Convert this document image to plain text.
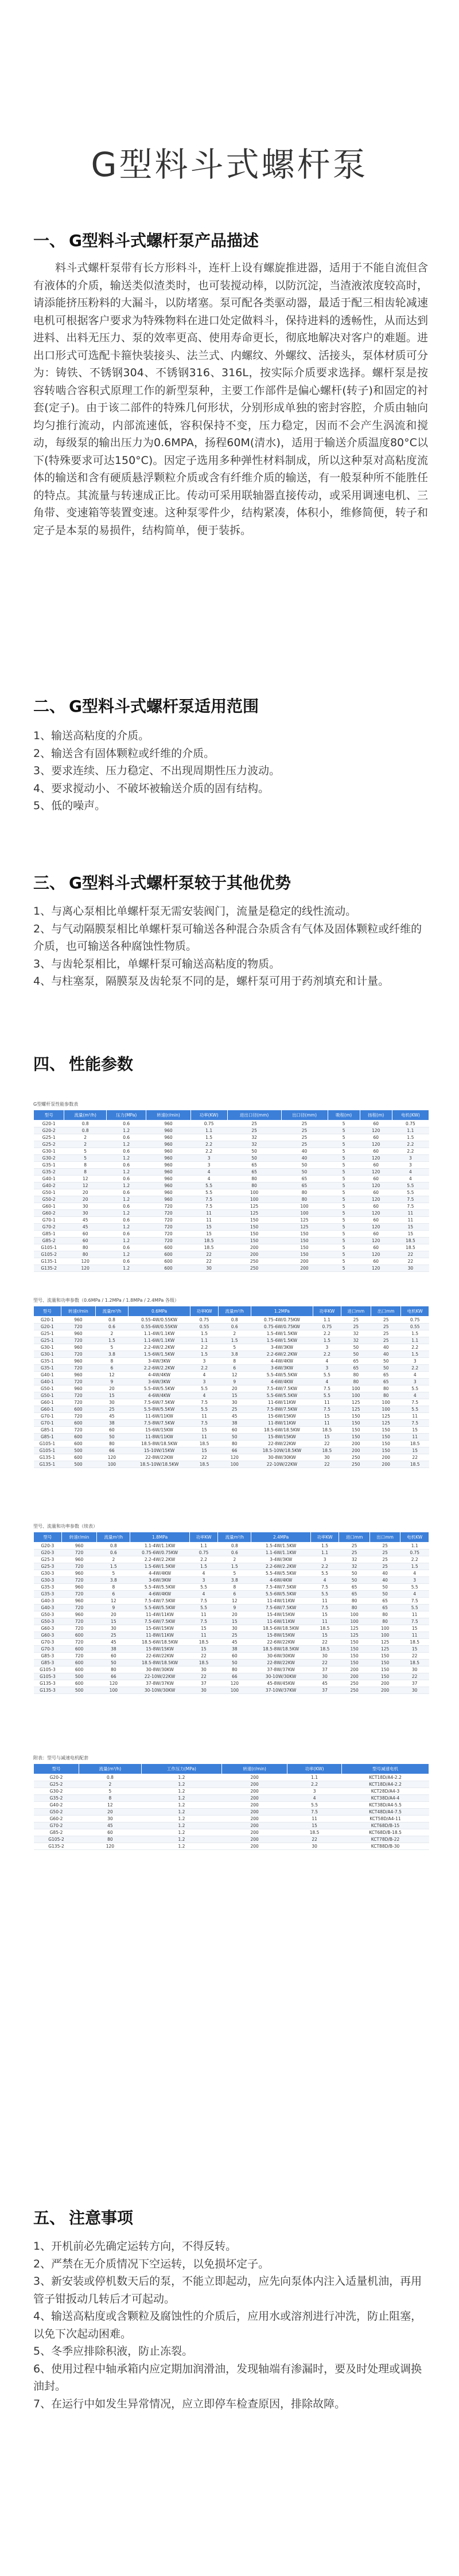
G型料斗式螺杆泵
一、 G型料斗式螺杆泵产品描述

料斗式螺杆泵带有长方形料斗，连杆上设有螺旋推进器，适用于不能自流但含有液体的介质，输送类似渣类时，也可装搅动棒，以防沉淀，当渣液浓度较高时，请添能挤压粉料的大漏斗，以防堵塞。泵可配各类驱动器，最适于配三相齿轮减速电机可根据客户要求为特殊物料在进口处定做料斗，保持进料的透畅性，从而达到进料、出料无压力、泵的效率更高、使用寿命更长，彻底地解决对客户的难题。进出口形式可选配卡箍快装接头、法兰式、内螺纹、外螺纹、活接头，泵体材质可分为：铸铁、不锈钢304、不锈钢316、316L，按实际介质要求选择。螺杆泵是按容转啮合容积式原理工作的新型泵种，主要工作部件是偏心螺杆(转子)和固定的衬套(定子)。由于该二部件的特殊几何形状，分别形成单独的密封容腔，介质由轴向均匀推行流动，内部流速低，容积保持不变，压力稳定，因而不会产生涡流和搅动，每级泵的输出压力为0.6MPA，扬程60M(清水)，适用于输送介质温度80°C以下(特殊要求可达150°C)。因定子选用多种弹性材料制成，所以这种泵对高粘度流体的输送和含有硬质悬浮颗粒介质或含有纤维介质的输送，有一般泵种所不能胜任的特点。其流量与转速成正比。传动可采用联轴器直接传动，或采用调速电机、三角带、变速箱等装置变速。这种泵零件少，结构紧凑，体积小，维修简便，转子和定子是本泵的易损件，结构简单，便于装拆。

二、 G型料斗式螺杆泵适用范围
1、输送高粘度的介质。
2、输送含有固体颗粒或纤维的介质。
3、要求连续、压力稳定、不出现周期性压力波动。
4、要求搅动小、不破坏被输送介质的固有结构。
5、低的噪声。
三、 G型料斗式螺杆泵较于其他优势
1、与离心泵相比单螺杆泵无需安装阀门，流量是稳定的线性流动。
2、与气动隔膜泵相比单螺杆泵可输送各种混合杂质含有气体及固体颗粒或纤维的介质，也可输送各种腐蚀性物质。
3、与齿轮泵相比，单螺杆泵可输送高粘度的物质。
4、与柱塞泵，隔膜泵及齿轮泵不同的是，螺杆泵可用于药剂填充和计量。
四、 性能参数
G型螺杆泵性能参数表
型号	流量(m³/h)	压力(MPa)	转速(r/min)	功率(KW)	进出口径(mm)	出口径(mm)	吸程(m)	扬程(m)	电机(KW)
G20-1	0.8	0.6	960	0.75	25	25	5	60	0.75
G20-2	0.8	1.2	960	1.1	25	25	5	120	1.1
G25-1	2	0.6	960	1.5	32	25	5	60	1.5
G25-2	2	1.2	960	2.2	32	25	5	120	2.2
G30-1	5	0.6	960	2.2	50	40	5	60	2.2
G30-2	5	1.2	960	3	50	40	5	120	3
G35-1	8	0.6	960	3	65	50	5	60	3
G35-2	8	1.2	960	4	65	50	5	120	4
G40-1	12	0.6	960	4	80	65	5	60	4
G40-2	12	1.2	960	5.5	80	65	5	120	5.5
G50-1	20	0.6	960	5.5	100	80	5	60	5.5
G50-2	20	1.2	960	7.5	100	80	5	120	7.5
G60-1	30	0.6	720	7.5	125	100	5	60	7.5
G60-2	30	1.2	720	11	125	100	5	120	11
G70-1	45	0.6	720	11	150	125	5	60	11
G70-2	45	1.2	720	15	150	125	5	120	15
G85-1	60	0.6	720	15	150	150	5	60	15
G85-2	60	1.2	720	18.5	150	150	5	120	18.5
G105-1	80	0.6	600	18.5	200	150	5	60	18.5
G105-2	80	1.2	600	22	200	150	5	120	22
G135-1	120	0.6	600	22	250	200	5	60	22
G135-2	120	1.2	600	30	250	200	5	120	30
型号、流量和功率参数（0.6MPa / 1.2MPa / 1.8MPa / 2.4MPa 各级）
型号	转速r/min	流量m³/h	0.6MPa	功率KW	流量m³/h	1.2MPa	功率KW	进口mm	出口mm	电机KW
G20-1	960	0.8	0.55-4W/0.55KW	0.75	0.8	0.75-4W/0.75KW	1.1	25	25	0.75
G20-1	720	0.6	0.55-6W/0.55KW	0.55	0.6	0.75-6W/0.75KW	0.75	25	25	0.55
G25-1	960	2	1.1-4W/1.1KW	1.5	2	1.5-4W/1.5KW	2.2	32	25	1.5
G25-1	720	1.5	1.1-6W/1.1KW	1.1	1.5	1.5-6W/1.5KW	1.5	32	25	1.1
G30-1	960	5	2.2-4W/2.2KW	2.2	5	3-4W/3KW	3	50	40	2.2
G30-1	720	3.8	1.5-6W/1.5KW	1.5	3.8	2.2-6W/2.2KW	2.2	50	40	1.5
G35-1	960	8	3-4W/3KW	3	8	4-4W/4KW	4	65	50	3
G35-1	720	6	2.2-6W/2.2KW	2.2	6	3-6W/3KW	3	65	50	2.2
G40-1	960	12	4-4W/4KW	4	12	5.5-4W/5.5KW	5.5	80	65	4
G40-1	720	9	3-6W/3KW	3	9	4-6W/4KW	4	80	65	3
G50-1	960	20	5.5-4W/5.5KW	5.5	20	7.5-4W/7.5KW	7.5	100	80	5.5
G50-1	720	15	4-6W/4KW	4	15	5.5-6W/5.5KW	5.5	100	80	4
G60-1	720	30	7.5-6W/7.5KW	7.5	30	11-6W/11KW	11	125	100	7.5
G60-1	600	25	5.5-8W/5.5KW	5.5	25	7.5-8W/7.5KW	7.5	125	100	5.5
G70-1	720	45	11-6W/11KW	11	45	15-6W/15KW	15	150	125	11
G70-1	600	38	7.5-8W/7.5KW	7.5	38	11-8W/11KW	11	150	125	7.5
G85-1	720	60	15-6W/15KW	15	60	18.5-6W/18.5KW	18.5	150	150	15
G85-1	600	50	11-8W/11KW	11	50	15-8W/15KW	15	150	150	11
G105-1	600	80	18.5-8W/18.5KW	18.5	80	22-8W/22KW	22	200	150	18.5
G105-1	500	66	15-10W/15KW	15	66	18.5-10W/18.5KW	18.5	200	150	15
G135-1	600	120	22-8W/22KW	22	120	30-8W/30KW	30	250	200	22
G135-1	500	100	18.5-10W/18.5KW	18.5	100	22-10W/22KW	22	250	200	18.5
型号、流量和功率参数（续表）
型号	转速r/min	流量m³/h	1.8MPa	功率KW	流量m³/h	2.4MPa	功率KW	进口mm	出口mm	电机KW
G20-3	960	0.8	1.1-4W/1.1KW	1.1	0.8	1.5-4W/1.5KW	1.5	25	25	1.1
G20-3	720	0.6	0.75-6W/0.75KW	0.75	0.6	1.1-6W/1.1KW	1.1	25	25	0.75
G25-3	960	2	2.2-4W/2.2KW	2.2	2	3-4W/3KW	3	32	25	2.2
G25-3	720	1.5	1.5-6W/1.5KW	1.5	1.5	2.2-6W/2.2KW	2.2	32	25	1.5
G30-3	960	5	4-4W/4KW	4	5	5.5-4W/5.5KW	5.5	50	40	4
G30-3	720	3.8	3-6W/3KW	3	3.8	4-6W/4KW	4	50	40	3
G35-3	960	8	5.5-4W/5.5KW	5.5	8	7.5-4W/7.5KW	7.5	65	50	5.5
G35-3	720	6	4-6W/4KW	4	6	5.5-6W/5.5KW	5.5	65	50	4
G40-3	960	12	7.5-4W/7.5KW	7.5	12	11-4W/11KW	11	80	65	7.5
G40-3	720	9	5.5-6W/5.5KW	5.5	9	7.5-6W/7.5KW	7.5	80	65	5.5
G50-3	960	20	11-4W/11KW	11	20	15-4W/15KW	15	100	80	11
G50-3	720	15	7.5-6W/7.5KW	7.5	15	11-6W/11KW	11	100	80	7.5
G60-3	720	30	15-6W/15KW	15	30	18.5-6W/18.5KW	18.5	125	100	15
G60-3	600	25	11-8W/11KW	11	25	15-8W/15KW	15	125	100	11
G70-3	720	45	18.5-6W/18.5KW	18.5	45	22-6W/22KW	22	150	125	18.5
G70-3	600	38	15-8W/15KW	15	38	18.5-8W/18.5KW	18.5	150	125	15
G85-3	720	60	22-6W/22KW	22	60	30-6W/30KW	30	150	150	22
G85-3	600	50	18.5-8W/18.5KW	18.5	50	22-8W/22KW	22	150	150	18.5
G105-3	600	80	30-8W/30KW	30	80	37-8W/37KW	37	200	150	30
G105-3	500	66	22-10W/22KW	22	66	30-10W/30KW	30	200	150	22
G135-3	600	120	37-8W/37KW	37	120	45-8W/45KW	45	250	200	37
G135-3	500	100	30-10W/30KW	30	100	37-10W/37KW	37	250	200	30
附表：型号与减速电机配套
型号	流量(m³/h)	工作压力(MPa)	转速(r/min)	功率(KW)	型号减速电机
G20-2	0.8	1.2	200	1.1	KCT18D/A4-2.2
G25-2	2	1.2	200	2.2	KCT18D/A4-2.2
G30-2	5	1.2	200	3	KCT28D/A4-3
G35-2	8	1.2	200	4	KCT38D/A4-4
G40-2	12	1.2	200	5.5	KCT38D/A4-5.5
G50-2	20	1.2	200	7.5	KCT48D/A4-7.5
G60-2	30	1.2	200	11	KCT58D/A4-11
G70-2	45	1.2	200	15	KCT68D/B-15
G85-2	60	1.2	200	18.5	KCT68D/B-18.5
G105-2	80	1.2	200	22	KCT78D/B-22
G135-2	120	1.2	200	30	KCT88D/B-30
五、 注意事项
1、开机前必先确定运转方向，不得反转。
2、严禁在无介质情况下空运转，以免损坏定子。
3、新安装或停机数天后的泵，不能立即起动，应先向泵体内注入适量机油，再用管子钳扳动几转后才可起动。
4、输送高粘度或含颗粒及腐蚀性的介质后，应用水或溶剂进行冲洗，防止阻塞，以免下次起动困难。
5、冬季应排除积液，防止冻裂。
6、使用过程中轴承箱内应定期加润滑油，发现轴端有渗漏时，要及时处理或调换油封。
7、在运行中如发生异常情况，应立即停车检查原因，排除故障。
